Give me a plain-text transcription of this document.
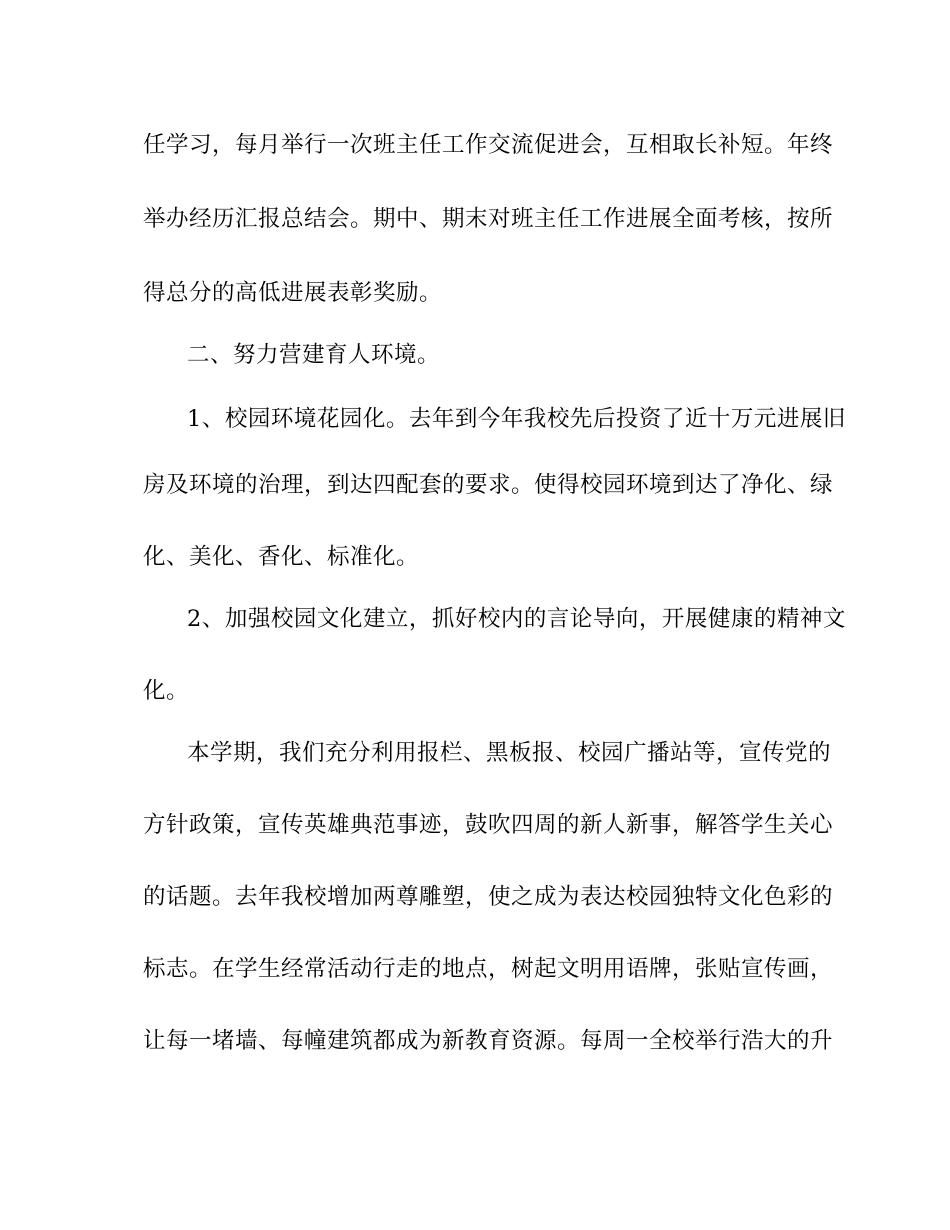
任学习，每月举行一次班主任工作交流促进会，互相取长补短。年终
举办经历汇报总结会。期中、期末对班主任工作进展全面考核，按所
得总分的高低进展表彰奖励。
二、努力营建育人环境。
1、校园环境花园化。去年到今年我校先后投资了近十万元进展旧
房及环境的治理，到达四配套的要求。使得校园环境到达了净化、绿
化、美化、香化、标准化。
2、加强校园文化建立，抓好校内的言论导向，开展健康的精神文
化。
本学期，我们充分利用报栏、黑板报、校园广播站等，宣传党的
方针政策，宣传英雄典范事迹，鼓吹四周的新人新事，解答学生关心
的话题。去年我校增加两尊雕塑，使之成为表达校园独特文化色彩的
标志。在学生经常活动行走的地点，树起文明用语牌，张贴宣传画，
让每一堵墙、每幢建筑都成为新教育资源。每周一全校举行浩大的升
